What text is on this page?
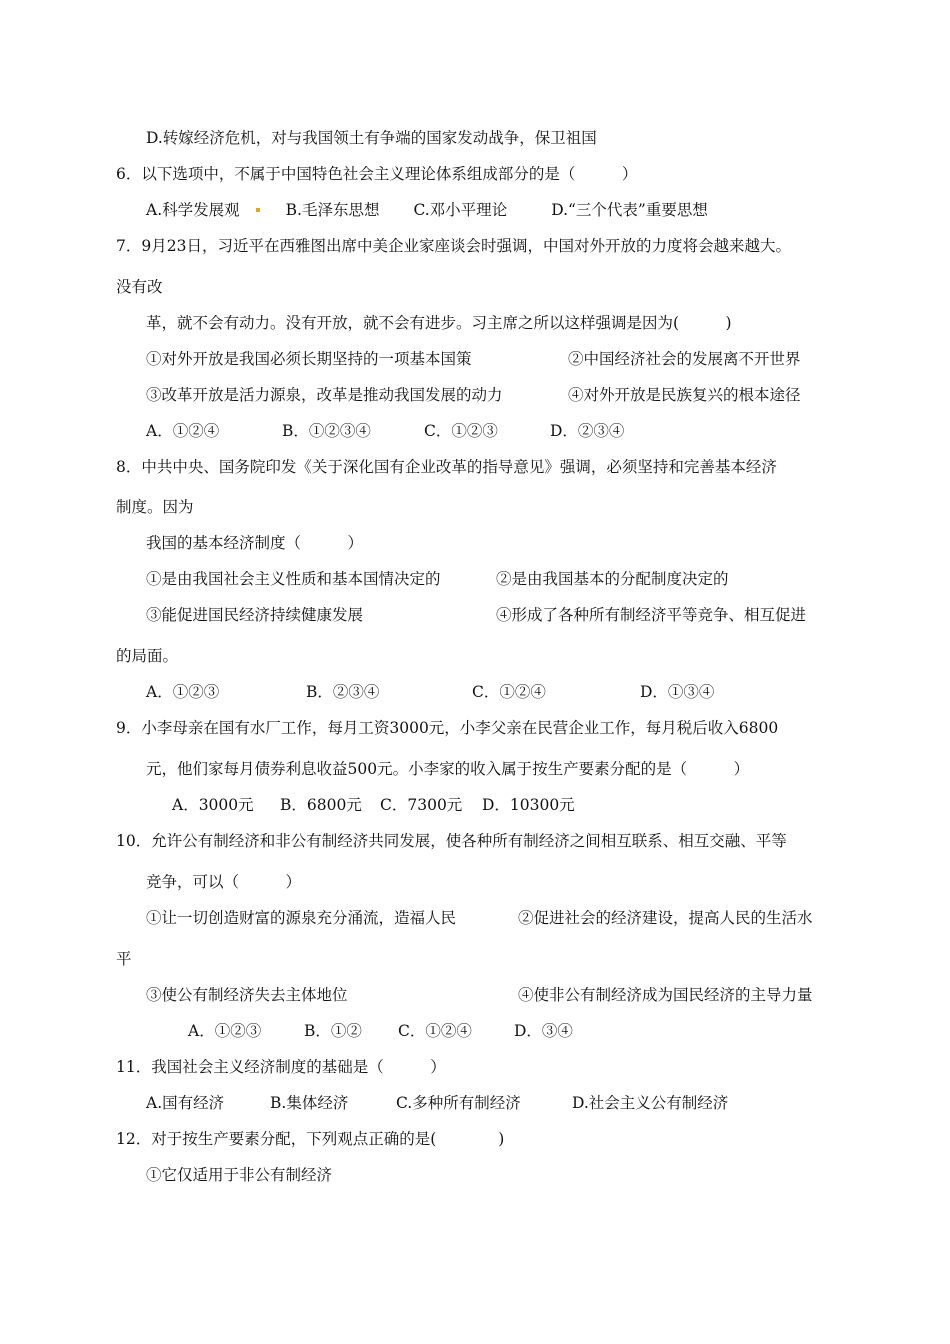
D.转嫁经济危机，对与我国领土有争端的国家发动战争，保卫祖国
6．以下选项中，不属于中国特色社会主义理论体系组成部分的是（　　　）
A.科学发展观	B.毛泽东思想 C.邓小平理论	D.“三个代表”重要思想
7．9月23日，习近平在西雅图出席中美企业家座谈会时强调，中国对外开放的力度将会越来越大。
没有改
革，就不会有动力。没有开放，就不会有进步。习主席之所以这样强调是因为(　　　)
①对外开放是我国必须长期坚持的一项基本国策	②中国经济社会的发展离不开世界
③改革开放是活力源泉，改革是推动我国发展的动力	④对外开放是民族复兴的根本途径
A．①②④	B．①②③④	C．①②③	D．②③④
8．中共中央、国务院印发《关于深化国有企业改革的指导意见》强调，必须坚持和完善基本经济
制度。因为
我国的基本经济制度（　　　）
①是由我国社会主义性质和基本国情决定的	②是由我国基本的分配制度决定的
③能促进国民经济持续健康发展	④形成了各种所有制经济平等竞争、相互促进
的局面。
A．①②③	B．②③④	C．①②④	D．①③④
9．小李母亲在国有水厂工作，每月工资3000元，小李父亲在民营企业工作，每月税后收入6800
元，他们家每月债券利息收益500元。小李家的收入属于按生产要素分配的是（　　　）
A．3000元 B．6800元 C．7300元 D．10300元
10．允许公有制经济和非公有制经济共同发展，使各种所有制经济之间相互联系、相互交融、平等
竞争，可以（　　　）
①让一切创造财富的源泉充分涌流，造福人民	②促进社会的经济建设，提高人民的生活水
平
③使公有制经济失去主体地位	④使非公有制经济成为国民经济的主导力量
A．①②③	B．①② C．①②④	D．③④
11．我国社会主义经济制度的基础是（　　　）
A.国有经济	B.集体经济	C.多种所有制经济	D.社会主义公有制经济
12．对于按生产要素分配，下列观点正确的是(　　　　)
①它仅适用于非公有制经济
